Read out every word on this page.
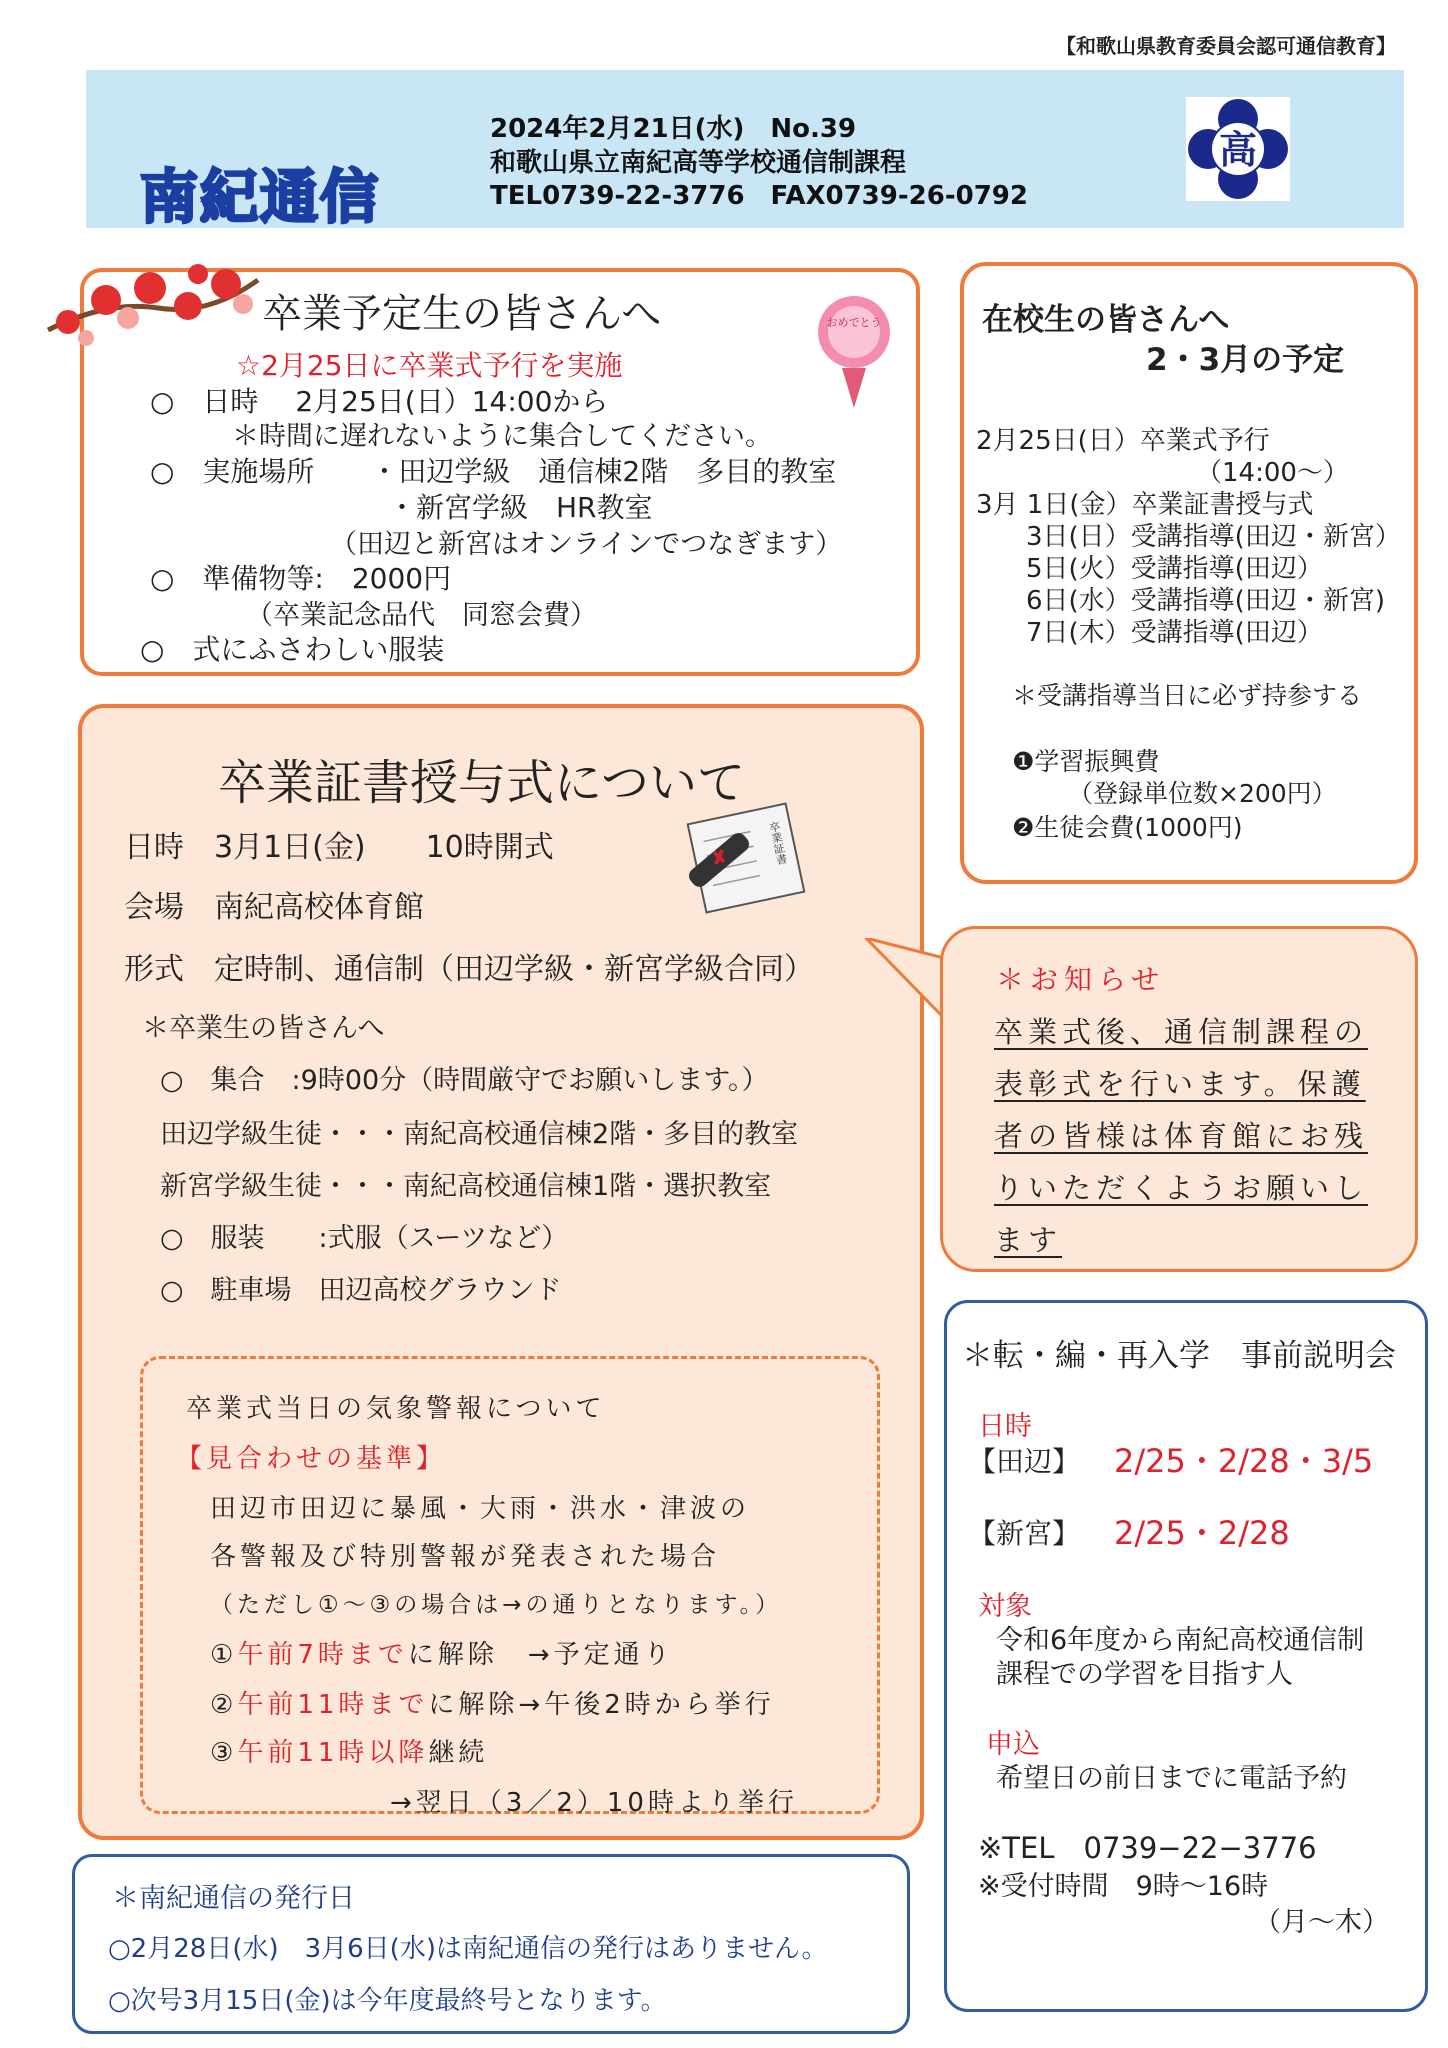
【和歌山県教育委員会認可通信教育】
南紀通信
2024年2月21日(水)　No.39
和歌山県立南紀高等学校通信制課程
TEL0739-22-3776　FAX0739-26-0792
高
卒業予定生の皆さんへ	おめでとう
☆2月25日に卒業式予行を実施
○　日時　 2月25日(日）14:00から
＊時間に遅れないように集合してください。
○　実施場所　　・田辺学級　通信棟2階　多目的教室
・新宮学級　HR教室
（田辺と新宮はオンラインでつなぎます）
○　準備物等:　2000円
（卒業記念品代　同窓会費）
○　式にふさわしい服装
卒業証書授与式について
卒業証書
日時　3月1日(金)　　10時開式
会場　南紀高校体育館
形式　定時制、通信制（田辺学級・新宮学級合同）
＊卒業生の皆さんへ
○　集合　:9時00分（時間厳守でお願いします。）
田辺学級生徒・・・南紀高校通信棟2階・多目的教室
新宮学級生徒・・・南紀高校通信棟1階・選択教室
○　服装　　:式服（スーツなど）
○　駐車場　田辺高校グラウンド
卒業式当日の気象警報について
【見合わせの基準】
田辺市田辺に暴風・大雨・洪水・津波の
各警報及び特別警報が発表された場合
（ただし①～③の場合は→の通りとなります。）
①午前7時までに解除　→予定通り
②午前11時までに解除→午後2時から挙行
③午前11時以降継続
→翌日（3／2）10時より挙行
在校生の皆さんへ
2・3月の予定
2月25日(日）卒業式予行
（14:00～）
3月 1日(金）卒業証書授与式
3日(日）受講指導(田辺・新宮）
5日(火）受講指導(田辺）
6日(水）受講指導(田辺・新宮)
7日(木）受講指導(田辺）
＊受講指導当日に必ず持参する
❶学習振興費
（登録単位数×200円）
❷生徒会費(1000円)
＊お知らせ
卒業式後、通信制課程の
表彰式を行います。保護
者の皆様は体育館にお残
りいただくようお願いし
ます
＊転・編・再入学　事前説明会
日時
【田辺】 2/25・2/28・3/5
【新宮】 2/25・2/28
対象
令和6年度から南紀高校通信制
課程での学習を目指す人
申込
希望日の前日までに電話予約
※TEL　0739−22−3776
※受付時間　9時～16時
（月～木）
＊南紀通信の発行日
○2月28日(水)　3月6日(水)は南紀通信の発行はありません。
○次号3月15日(金)は今年度最終号となります。
